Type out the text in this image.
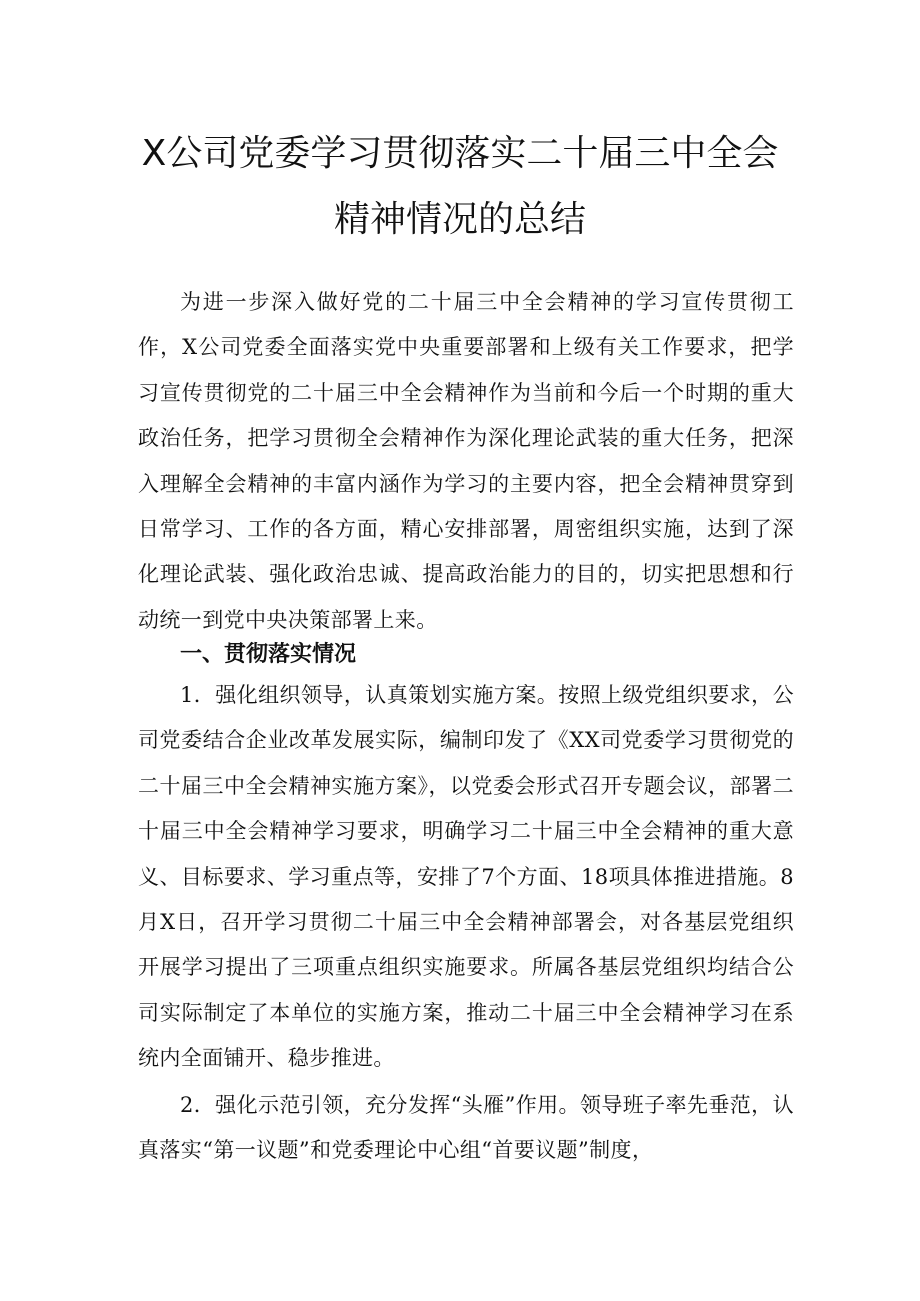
X公司党委学习贯彻落实二十届三中全会
精神情况的总结

为进一步深入做好党的二十届三中全会精神的学习宣传贯彻工作，X公司党委全面落实党中央重要部署和上级有关工作要求，把学习宣传贯彻党的二十届三中全会精神作为当前和今后一个时期的重大政治任务，把学习贯彻全会精神作为深化理论武装的重大任务，把深入理解全会精神的丰富内涵作为学习的主要内容，把全会精神贯穿到日常学习、工作的各方面，精心安排部署，周密组织实施，达到了深化理论武装、强化政治忠诚、提高政治能力的目的，切实把思想和行动统一到党中央决策部署上来。

一、贯彻落实情况

1．强化组织领导，认真策划实施方案。按照上级党组织要求，公司党委结合企业改革发展实际，编制印发了《XX司党委学习贯彻党的二十届三中全会精神实施方案》，以党委会形式召开专题会议，部署二十届三中全会精神学习要求，明确学习二十届三中全会精神的重大意义、目标要求、学习重点等，安排了7个方面、18项具体推进措施。8月X日，召开学习贯彻二十届三中全会精神部署会，对各基层党组织开展学习提出了三项重点组织实施要求。所属各基层党组织均结合公司实际制定了本单位的实施方案，推动二十届三中全会精神学习在系统内全面铺开、稳步推进。

2．强化示范引领，充分发挥“头雁”作用。领导班子率先垂范，认真落实“第一议题”和党委理论中心组“首要议题”制度，
